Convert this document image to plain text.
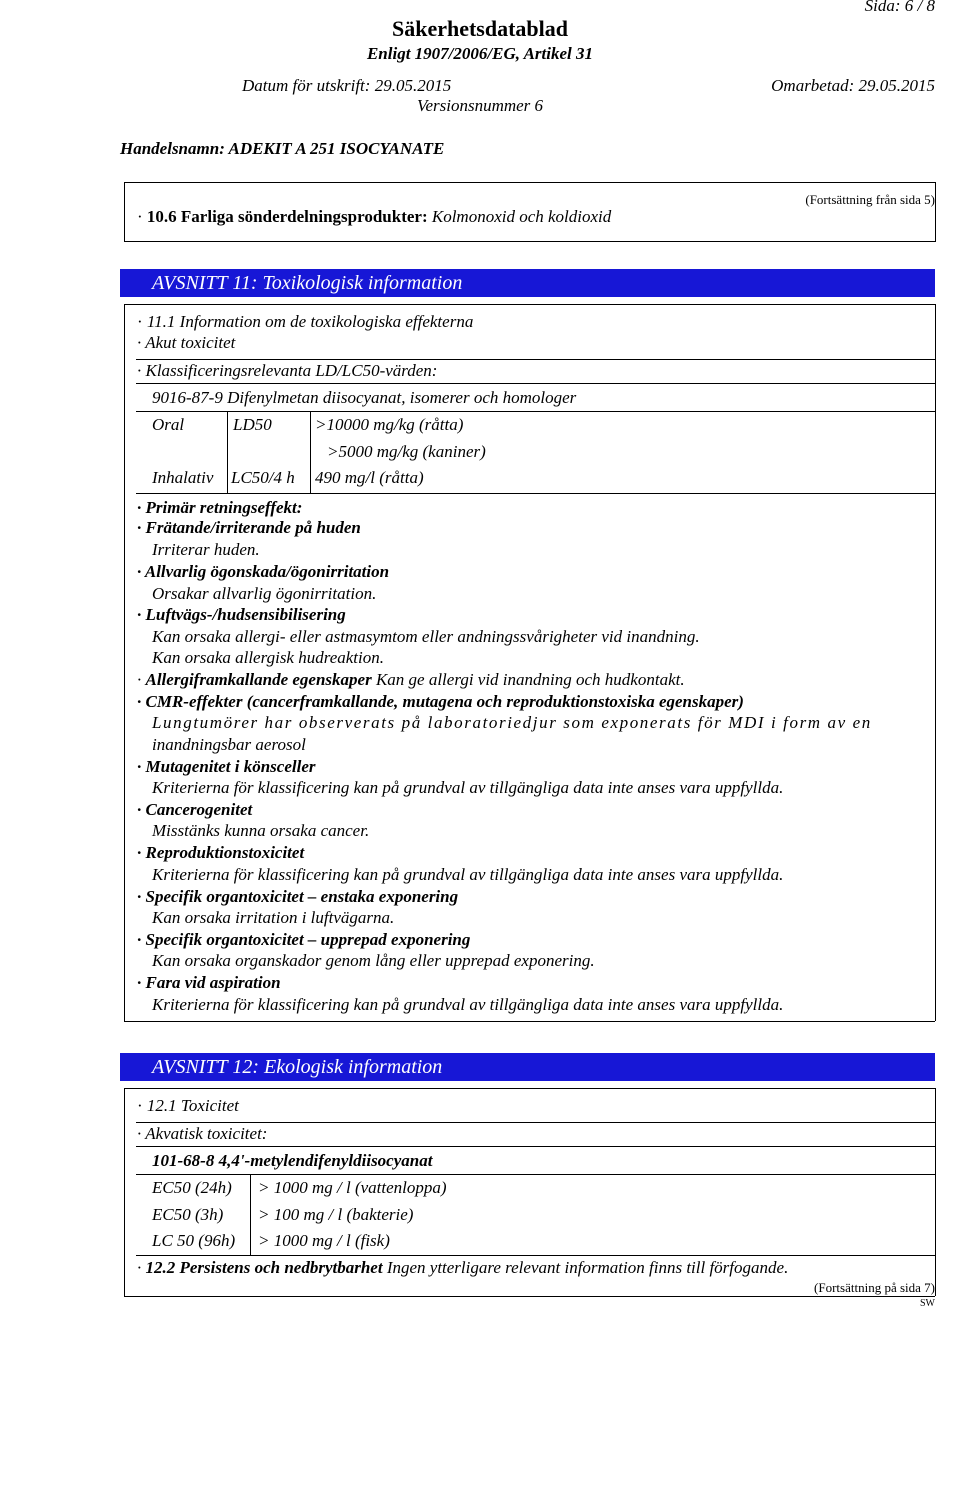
Sida: 6 / 8
Säkerhetsdatablad
Enligt 1907/2006/EG, Artikel 31
Datum för utskrift: 29.05.2015	Omarbetad: 29.05.2015
Versionsnummer 6
Handelsnamn: ADEKIT A 251 ISOCYANATE
(Fortsättning från sida 5)
· 10.6 Farliga sönderdelningsprodukter: Kolmonoxid och koldioxid
AVSNITT 11: Toxikologisk information
· 11.1 Information om de toxikologiska effekterna
· Akut toxicitet
· Klassificeringsrelevanta LD/LC50-värden:
9016-87-9 Difenylmetan diisocyanat, isomerer och homologer
Oral	LD50	>10000 mg/kg (råtta)
>5000 mg/kg (kaniner)
Inhalativ LC50/4 h 490 mg/l (råtta)
· Primär retningseffekt:
· Frätande/irriterande på huden
Irriterar huden.
· Allvarlig ögonskada/ögonirritation
Orsakar allvarlig ögonirritation.
· Luftvägs-/hudsensibilisering
Kan orsaka allergi- eller astmasymtom eller andningssvårigheter vid inandning.
Kan orsaka allergisk hudreaktion.
· Allergiframkallande egenskaper Kan ge allergi vid inandning och hudkontakt.
· CMR-effekter (cancerframkallande, mutagena och reproduktionstoxiska egenskaper)
Lungtumörer har observerats på laboratoriedjur som exponerats för MDI i form av en
inandningsbar aerosol
· Mutagenitet i könsceller
Kriterierna för klassificering kan på grundval av tillgängliga data inte anses vara uppfyllda.
· Cancerogenitet
Misstänks kunna orsaka cancer.
· Reproduktionstoxicitet
Kriterierna för klassificering kan på grundval av tillgängliga data inte anses vara uppfyllda.
· Specifik organtoxicitet – enstaka exponering
Kan orsaka irritation i luftvägarna.
· Specifik organtoxicitet – upprepad exponering
Kan orsaka organskador genom lång eller upprepad exponering.
· Fara vid aspiration
Kriterierna för klassificering kan på grundval av tillgängliga data inte anses vara uppfyllda.
AVSNITT 12: Ekologisk information
· 12.1 Toxicitet
· Akvatisk toxicitet:
101-68-8 4,4'-metylendifenyldiisocyanat
EC50 (24h) > 1000 mg / l (vattenloppa)
EC50 (3h) > 100 mg / l (bakterie)
LC 50 (96h) > 1000 mg / l (fisk)
· 12.2 Persistens och nedbrytbarhet Ingen ytterligare relevant information finns till förfogande.
(Fortsättning på sida 7)
SW
